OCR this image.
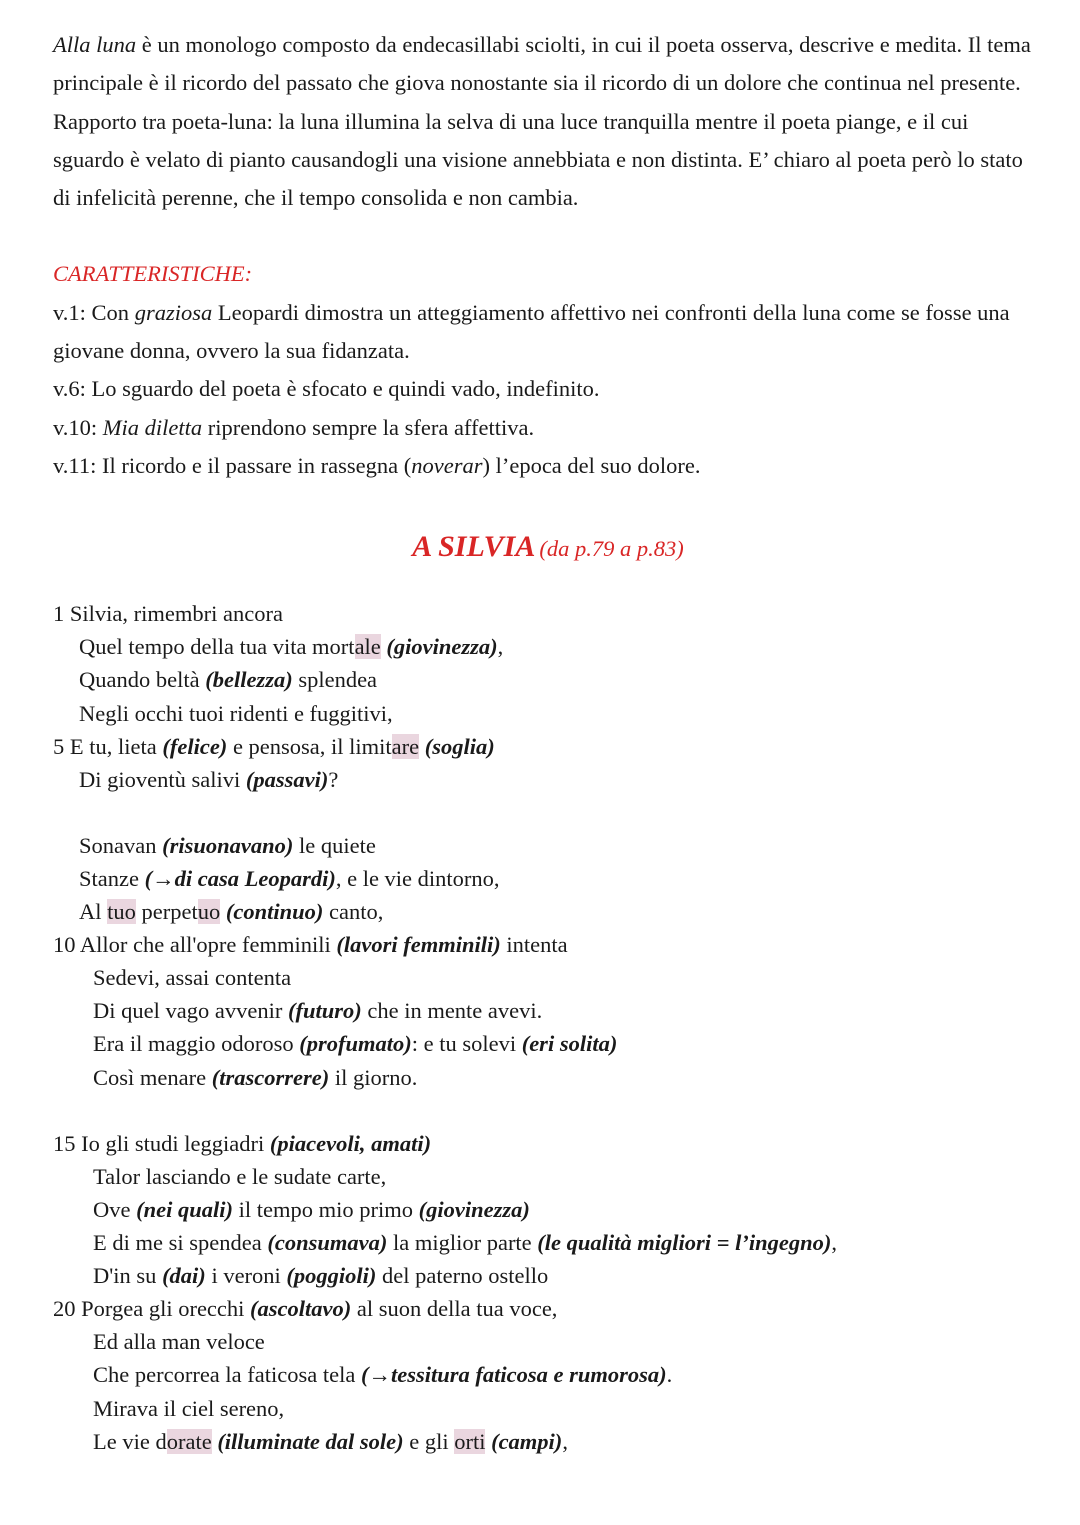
Alla luna è un monologo composto da endecasillabi sciolti, in cui il poeta osserva, descrive e medita. Il tema principale è il ricordo del passato che giova nonostante sia il ricordo di un dolore che continua nel presente.

Rapporto tra poeta-luna: la luna illumina la selva di una luce tranquilla mentre il poeta piange, e il cui sguardo è velato di pianto causandogli una visione annebbiata e non distinta. E’ chiaro al poeta però lo stato di infelicità perenne, che il tempo consolida e non cambia.

CARATTERISTICHE:

v.1: Con graziosa Leopardi dimostra un atteggiamento affettivo nei confronti della luna come se fosse una giovane donna, ovvero la sua fidanzata.

v.6: Lo sguardo del poeta è sfocato e quindi vado, indefinito.

v.10: Mia diletta riprendono sempre la sfera affettiva.

v.11: Il ricordo e il passare in rassegna (noverar) l’epoca del suo dolore.

A SILVIA (da p.79 a p.83)
1 Silvia, rimembri ancora
Quel tempo della tua vita mortale (giovinezza),
Quando beltà (bellezza) splendea
Negli occhi tuoi ridenti e fuggitivi,
5 E tu, lieta (felice) e pensosa, il limitare (soglia)
Di gioventù salivi (passavi)?
Sonavan (risuonavano) le quiete
Stanze (→di casa Leopardi), e le vie dintorno,
Al tuo perpetuo (continuo) canto,
10 Allor che all'opre femminili (lavori femminili) intenta
Sedevi, assai contenta
Di quel vago avvenir (futuro) che in mente avevi.
Era il maggio odoroso (profumato): e tu solevi (eri solita)
Così menare (trascorrere) il giorno.
15 Io gli studi leggiadri (piacevoli, amati)
Talor lasciando e le sudate carte,
Ove (nei quali) il tempo mio primo (giovinezza)
E di me si spendea (consumava) la miglior parte (le qualità migliori = l’ingegno),
D'in su (dai) i veroni (poggioli) del paterno ostello
20 Porgea gli orecchi (ascoltavo) al suon della tua voce,
Ed alla man veloce
Che percorrea la faticosa tela (→tessitura faticosa e rumorosa).
Mirava il ciel sereno,
Le vie dorate (illuminate dal sole) e gli orti (campi),
